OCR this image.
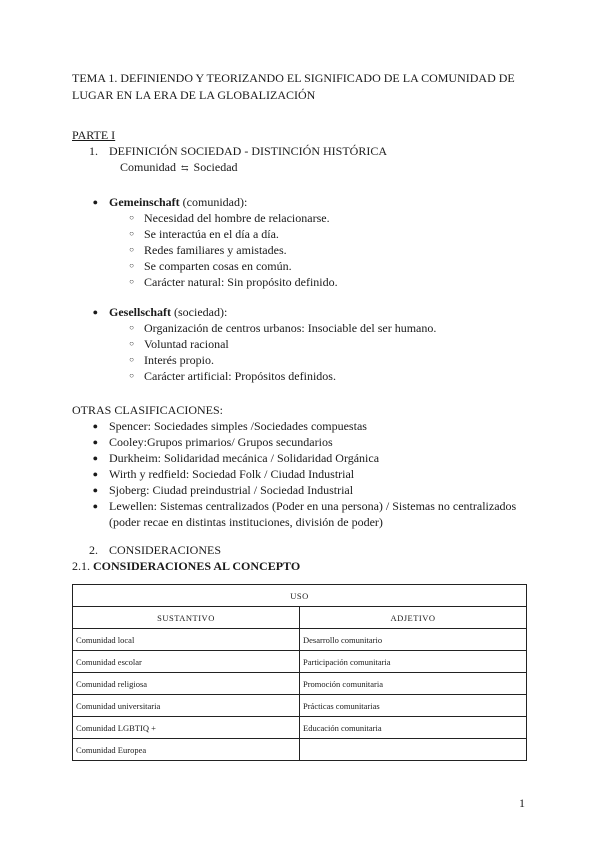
TEMA 1. DEFINIENDO Y TEORIZANDO EL SIGNIFICADO DE LA COMUNIDAD DE LUGAR EN LA ERA DE LA GLOBALIZACIÓN
PARTE I
1. DEFINICIÓN SOCIEDAD - DISTINCIÓN HISTÓRICA
Comunidad ⇆ Sociedad
● Gemeinschaft (comunidad):
○ Necesidad del hombre de relacionarse.
○ Se interactúa en el día a día.
○ Redes familiares y amistades.
○ Se comparten cosas en común.
○ Carácter natural: Sin propósito definido.
● Gesellschaft (sociedad):
○ Organización de centros urbanos: Insociable del ser humano.
○ Voluntad racional
○ Interés propio.
○ Carácter artificial: Propósitos definidos.
OTRAS CLASIFICACIONES:
● Spencer: Sociedades simples /Sociedades compuestas
● Cooley:Grupos primarios/ Grupos secundarios
● Durkheim: Solidaridad mecánica / Solidaridad Orgánica
● Wirth y redfield: Sociedad Folk / Ciudad Industrial
● Sjoberg: Ciudad preindustrial / Sociedad Industrial
● Lewellen: Sistemas centralizados (Poder en una persona) / Sistemas no centralizados (poder recae en distintas instituciones, división de poder)
2. CONSIDERACIONES
2.1. CONSIDERACIONES AL CONCEPTO
USO	
SUSTANTIVO	ADJETIVO
Comunidad local	Desarrollo comunitario
Comunidad escolar	Participación comunitaria
Comunidad religiosa	Promoción comunitaria
Comunidad universitaria	Prácticas comunitarias
Comunidad LGBTIQ +	Educación comunitaria
Comunidad Europea	
1
